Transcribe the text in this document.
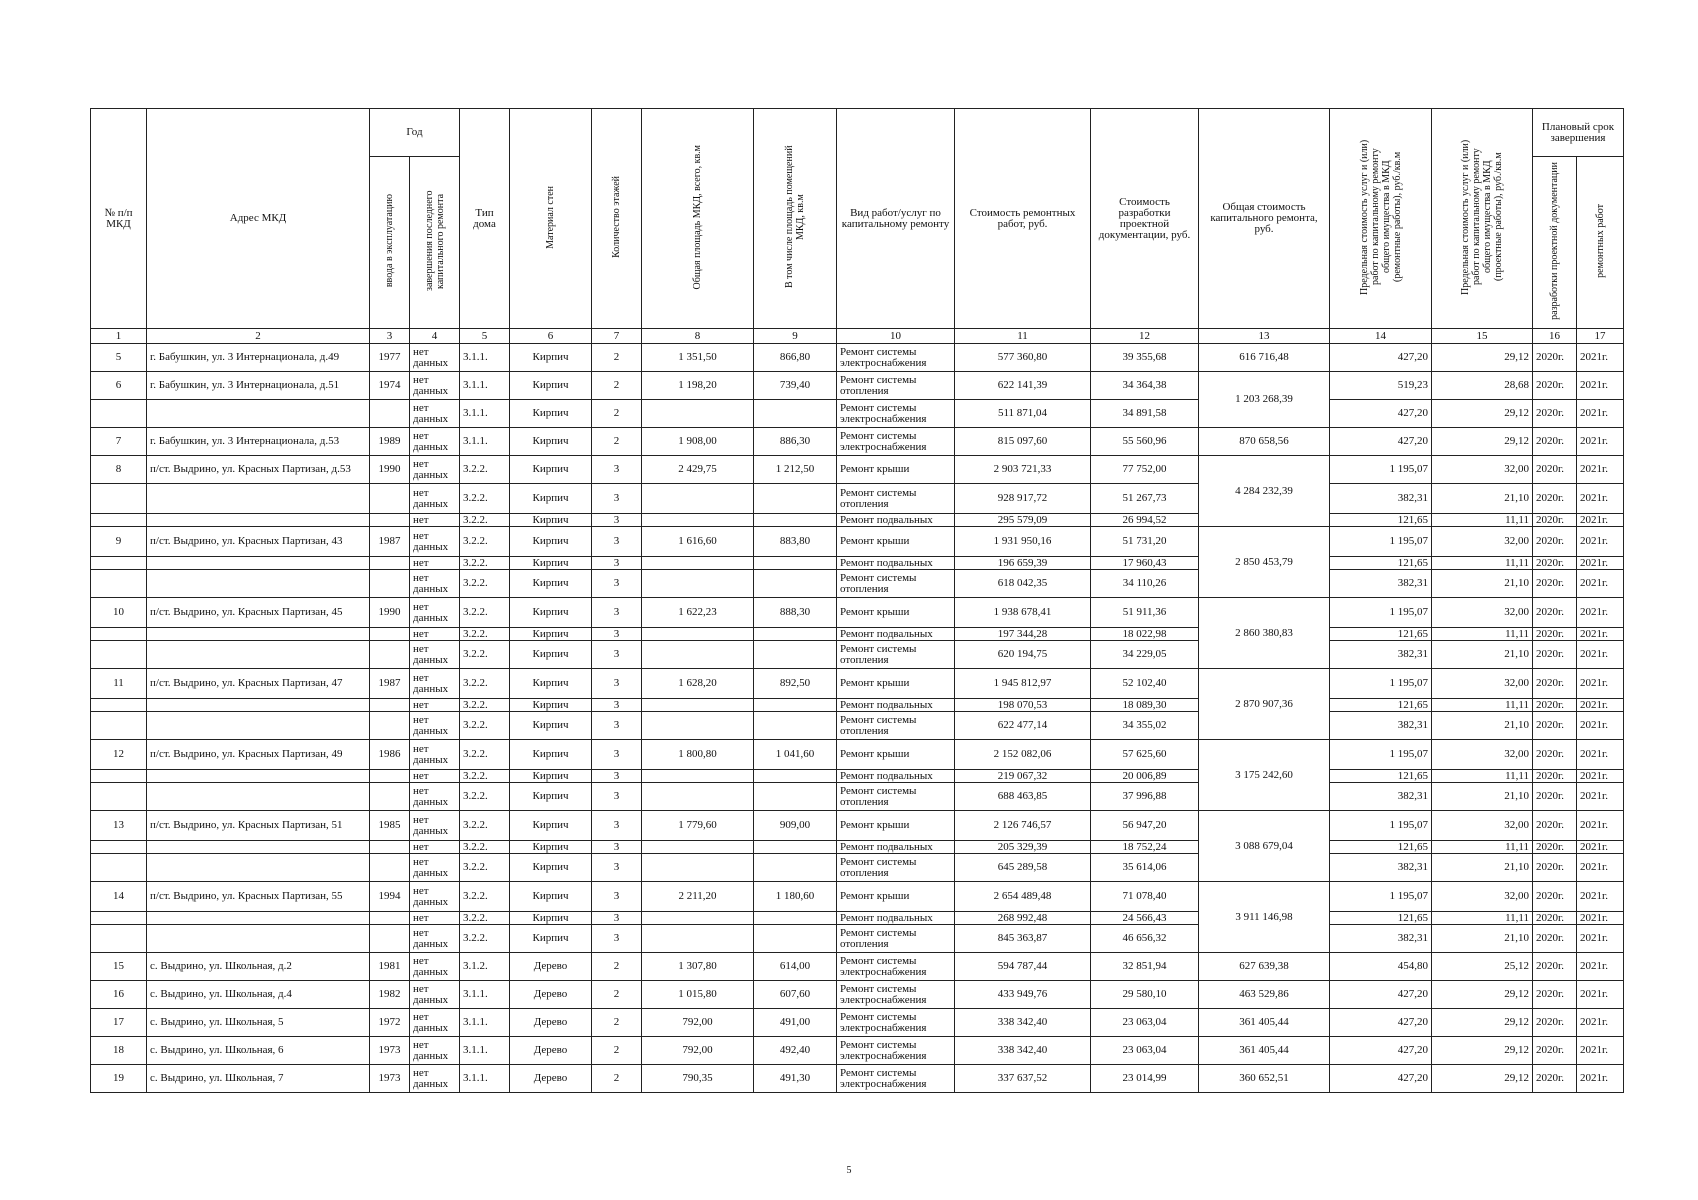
№ п/п МКД	Адрес МКД	Год		Тип дома	Материал стен	Количество этажей	Общая площадь МКД, всего, кв.м	В том числе площадь помещений МКД, кв.м	Вид работ/услуг по капитальному ремонту	Стоимость ремонтных работ, руб.	Стоимость разработки проектной документации, руб.	Общая стоимость капитального ремонта, руб.	Предельная стоимость услуг и (или) работ по капитальному ремонту общего имущества в МКД (ремонтные работы), руб./кв.м	Предельная стоимость услуг и (или) работ по капитальному ремонту общего имущества в МКД (проектные работы), руб./кв.м	Плановый срок завершения	
		ввода в эксплуатацию	завершения последнего капитального ремонта												разработки проектной документации	ремонтных работ
1	2	3	4	5	6	7	8	9	10	11	12	13	14	15	16	17
5	г. Бабушкин, ул. 3 Интернационала, д.49	1977	нет данных	3.1.1.	Кирпич	2	1 351,50	866,80	Ремонт системы электроснабжения	577 360,80	39 355,68	616 716,48	427,20	29,12	2020г.	2021г.
6	г. Бабушкин, ул. 3 Интернационала, д.51	1974	нет данных	3.1.1.	Кирпич	2	1 198,20	739,40	Ремонт системы отопления	622 141,39	34 364,38	1 203 268,39	519,23	28,68	2020г.	2021г.
			нет данных	3.1.1.	Кирпич	2			Ремонт системы электроснабжения	511 871,04	34 891,58		427,20	29,12	2020г.	2021г.
7	г. Бабушкин, ул. 3 Интернационала, д.53	1989	нет данных	3.1.1.	Кирпич	2	1 908,00	886,30	Ремонт системы электроснабжения	815 097,60	55 560,96	870 658,56	427,20	29,12	2020г.	2021г.
8	п/ст. Выдрино, ул. Красных Партизан, д.53	1990	нет данных	3.2.2.	Кирпич	3	2 429,75	1 212,50	Ремонт крыши	2 903 721,33	77 752,00	4 284 232,39	1 195,07	32,00	2020г.	2021г.
			нет данных	3.2.2.	Кирпич	3			Ремонт системы отопления	928 917,72	51 267,73		382,31	21,10	2020г.	2021г.
			нет	3.2.2.	Кирпич	3			Ремонт подвальных	295 579,09	26 994,52		121,65	11,11	2020г.	2021г.
9	п/ст. Выдрино, ул. Красных Партизан, 43	1987	нет данных	3.2.2.	Кирпич	3	1 616,60	883,80	Ремонт крыши	1 931 950,16	51 731,20	2 850 453,79	1 195,07	32,00	2020г.	2021г.
			нет	3.2.2.	Кирпич	3			Ремонт подвальных	196 659,39	17 960,43		121,65	11,11	2020г.	2021г.
			нет данных	3.2.2.	Кирпич	3			Ремонт системы отопления	618 042,35	34 110,26		382,31	21,10	2020г.	2021г.
10	п/ст. Выдрино, ул. Красных Партизан, 45	1990	нет данных	3.2.2.	Кирпич	3	1 622,23	888,30	Ремонт крыши	1 938 678,41	51 911,36	2 860 380,83	1 195,07	32,00	2020г.	2021г.
			нет	3.2.2.	Кирпич	3			Ремонт подвальных	197 344,28	18 022,98		121,65	11,11	2020г.	2021г.
			нет данных	3.2.2.	Кирпич	3			Ремонт системы отопления	620 194,75	34 229,05		382,31	21,10	2020г.	2021г.
11	п/ст. Выдрино, ул. Красных Партизан, 47	1987	нет данных	3.2.2.	Кирпич	3	1 628,20	892,50	Ремонт крыши	1 945 812,97	52 102,40	2 870 907,36	1 195,07	32,00	2020г.	2021г.
			нет	3.2.2.	Кирпич	3			Ремонт подвальных	198 070,53	18 089,30		121,65	11,11	2020г.	2021г.
			нет данных	3.2.2.	Кирпич	3			Ремонт системы отопления	622 477,14	34 355,02		382,31	21,10	2020г.	2021г.
12	п/ст. Выдрино, ул. Красных Партизан, 49	1986	нет данных	3.2.2.	Кирпич	3	1 800,80	1 041,60	Ремонт крыши	2 152 082,06	57 625,60	3 175 242,60	1 195,07	32,00	2020г.	2021г.
			нет	3.2.2.	Кирпич	3			Ремонт подвальных	219 067,32	20 006,89		121,65	11,11	2020г.	2021г.
			нет данных	3.2.2.	Кирпич	3			Ремонт системы отопления	688 463,85	37 996,88		382,31	21,10	2020г.	2021г.
13	п/ст. Выдрино, ул. Красных Партизан, 51	1985	нет данных	3.2.2.	Кирпич	3	1 779,60	909,00	Ремонт крыши	2 126 746,57	56 947,20	3 088 679,04	1 195,07	32,00	2020г.	2021г.
			нет	3.2.2.	Кирпич	3			Ремонт подвальных	205 329,39	18 752,24		121,65	11,11	2020г.	2021г.
			нет данных	3.2.2.	Кирпич	3			Ремонт системы отопления	645 289,58	35 614,06		382,31	21,10	2020г.	2021г.
14	п/ст. Выдрино, ул. Красных Партизан, 55	1994	нет данных	3.2.2.	Кирпич	3	2 211,20	1 180,60	Ремонт крыши	2 654 489,48	71 078,40	3 911 146,98	1 195,07	32,00	2020г.	2021г.
			нет	3.2.2.	Кирпич	3			Ремонт подвальных	268 992,48	24 566,43		121,65	11,11	2020г.	2021г.
			нет данных	3.2.2.	Кирпич	3			Ремонт системы отопления	845 363,87	46 656,32		382,31	21,10	2020г.	2021г.
15	с. Выдрино, ул. Школьная, д.2	1981	нет данных	3.1.2.	Дерево	2	1 307,80	614,00	Ремонт системы электроснабжения	594 787,44	32 851,94	627 639,38	454,80	25,12	2020г.	2021г.
16	с. Выдрино, ул. Школьная, д.4	1982	нет данных	3.1.1.	Дерево	2	1 015,80	607,60	Ремонт системы электроснабжения	433 949,76	29 580,10	463 529,86	427,20	29,12	2020г.	2021г.
17	с. Выдрино, ул. Школьная, 5	1972	нет данных	3.1.1.	Дерево	2	792,00	491,00	Ремонт системы электроснабжения	338 342,40	23 063,04	361 405,44	427,20	29,12	2020г.	2021г.
18	с. Выдрино, ул. Школьная, 6	1973	нет данных	3.1.1.	Дерево	2	792,00	492,40	Ремонт системы электроснабжения	338 342,40	23 063,04	361 405,44	427,20	29,12	2020г.	2021г.
19	с. Выдрино, ул. Школьная, 7	1973	нет данных	3.1.1.	Дерево	2	790,35	491,30	Ремонт системы электроснабжения	337 637,52	23 014,99	360 652,51	427,20	29,12	2020г.	2021г.
5
